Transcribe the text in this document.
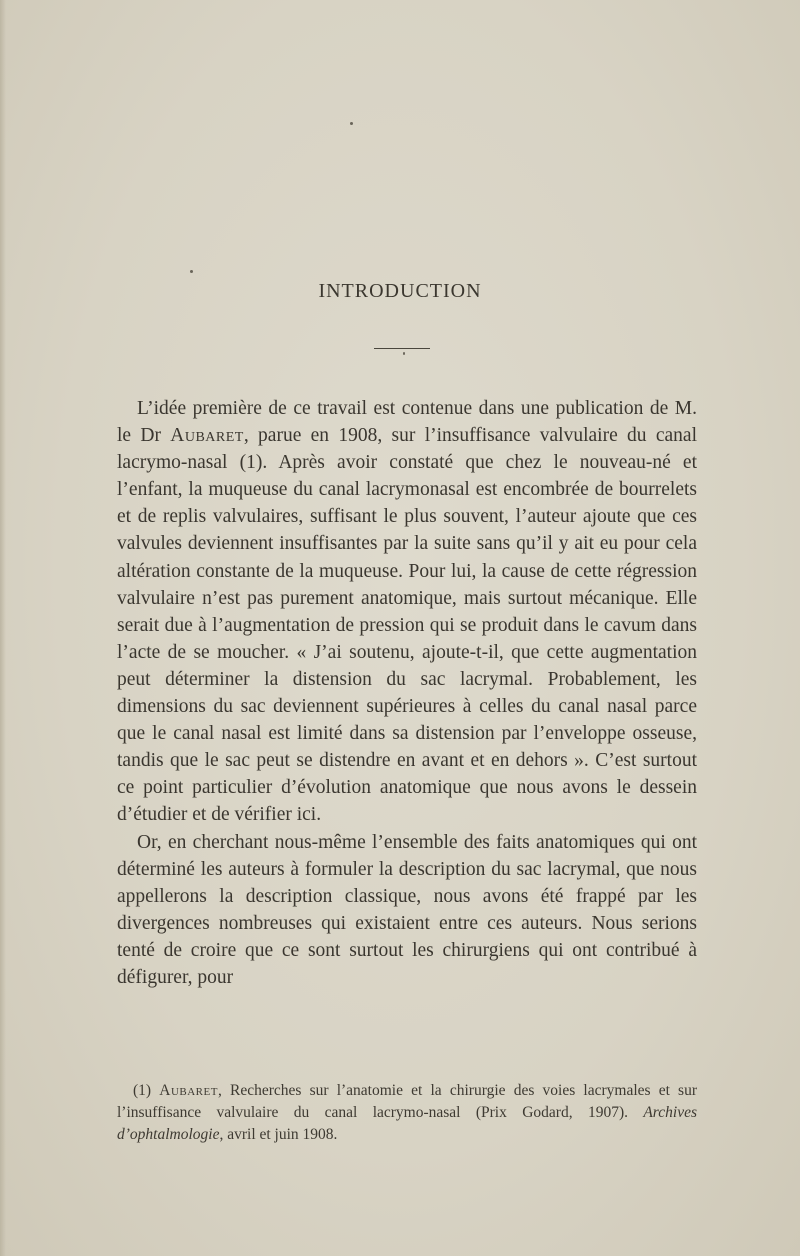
INTRODUCTION

L’idée première de ce travail est contenue dans une publication de M. le Dr Aubaret, parue en 1908, sur l’insuffisance valvulaire du canal lacrymo-nasal (1). Après avoir constaté que chez le nouveau-né et l’enfant, la muqueuse du canal lacrymonasal est encombrée de bourrelets et de replis valvulaires, suffisant le plus souvent, l’auteur ajoute que ces valvules deviennent insuffisantes par la suite sans qu’il y ait eu pour cela altération constante de la muqueuse. Pour lui, la cause de cette régression valvulaire n’est pas purement anatomique, mais surtout mécanique. Elle serait due à l’augmentation de pression qui se produit dans le cavum dans l’acte de se moucher. « J’ai soutenu, ajoute-t-il, que cette augmentation peut déterminer la distension du sac lacrymal. Probablement, les dimensions du sac deviennent supérieures à celles du canal nasal parce que le canal nasal est limité dans sa distension par l’enveloppe osseuse, tandis que le sac peut se distendre en avant et en dehors ». C’est surtout ce point particulier d’évolution anatomique que nous avons le dessein d’étudier et de vérifier ici.

Or, en cherchant nous-même l’ensemble des faits anatomiques qui ont déterminé les auteurs à formuler la description du sac lacrymal, que nous appellerons la description classique, nous avons été frappé par les divergences nombreuses qui existaient entre ces auteurs. Nous serions tenté de croire que ce sont surtout les chirurgiens qui ont contribué à défigurer, pour

(1) Aubaret, Recherches sur l’anatomie et la chirurgie des voies lacrymales et sur l’insuffisance valvulaire du canal lacrymo-nasal (Prix Godard, 1907). Archives d’ophtalmologie, avril et juin 1908.
